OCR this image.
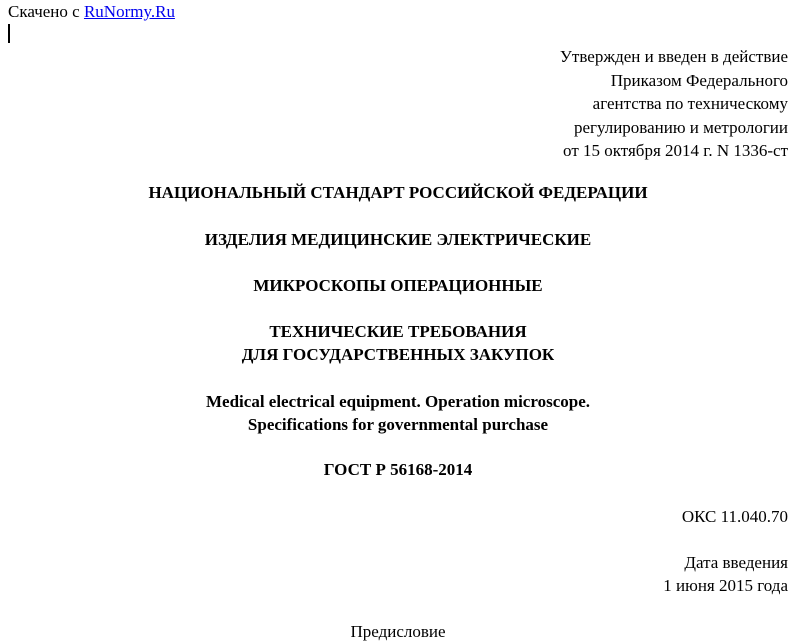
Скачено с RuNormy.Ru
Утвержден и введен в действие
Приказом Федерального
агентства по техническому
регулированию и метрологии
от 15 октября 2014 г. N 1336-ст
НАЦИОНАЛЬНЫЙ СТАНДАРТ РОССИЙСКОЙ ФЕДЕРАЦИИ
ИЗДЕЛИЯ МЕДИЦИНСКИЕ ЭЛЕКТРИЧЕСКИЕ
МИКРОСКОПЫ ОПЕРАЦИОННЫЕ
ТЕХНИЧЕСКИЕ ТРЕБОВАНИЯ
ДЛЯ ГОСУДАРСТВЕННЫХ ЗАКУПОК
Medical electrical equipment. Operation microscope.
Specifications for governmental purchase
ГОСТ Р 56168-2014
ОКС 11.040.70
Дата введения
1 июня 2015 года
Предисловие
